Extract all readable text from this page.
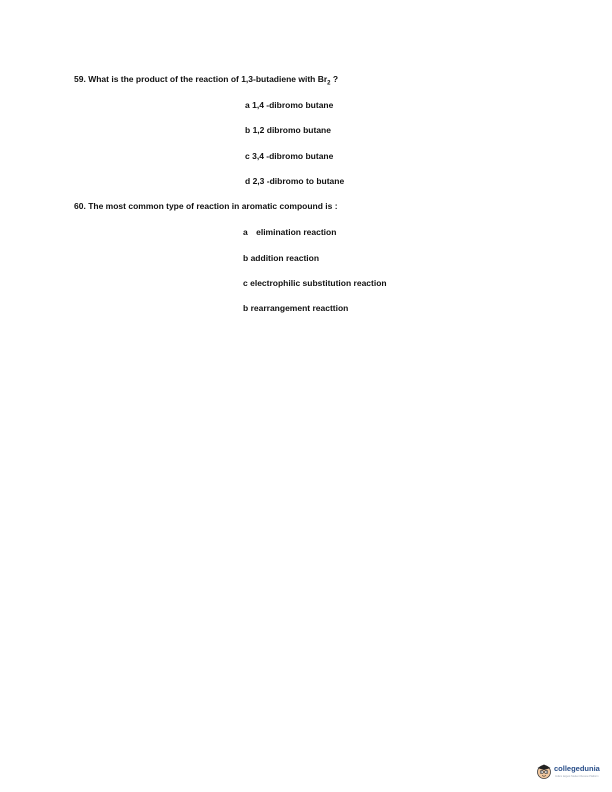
59. What is the product of the reaction of 1,3-butadiene with $Br_2$ ?
a 1,4 -dibromo butane
b 1,2 dibromo butane
c 3,4 -dibromo butane
d 2,3 -dibromo to butane
60. The most common type of reaction in aromatic compound is :
a elimination reaction
b addition reaction
c electrophilic substitution reaction
b rearrangement reacttion
collegedunia
India's largest Student Review Platform
